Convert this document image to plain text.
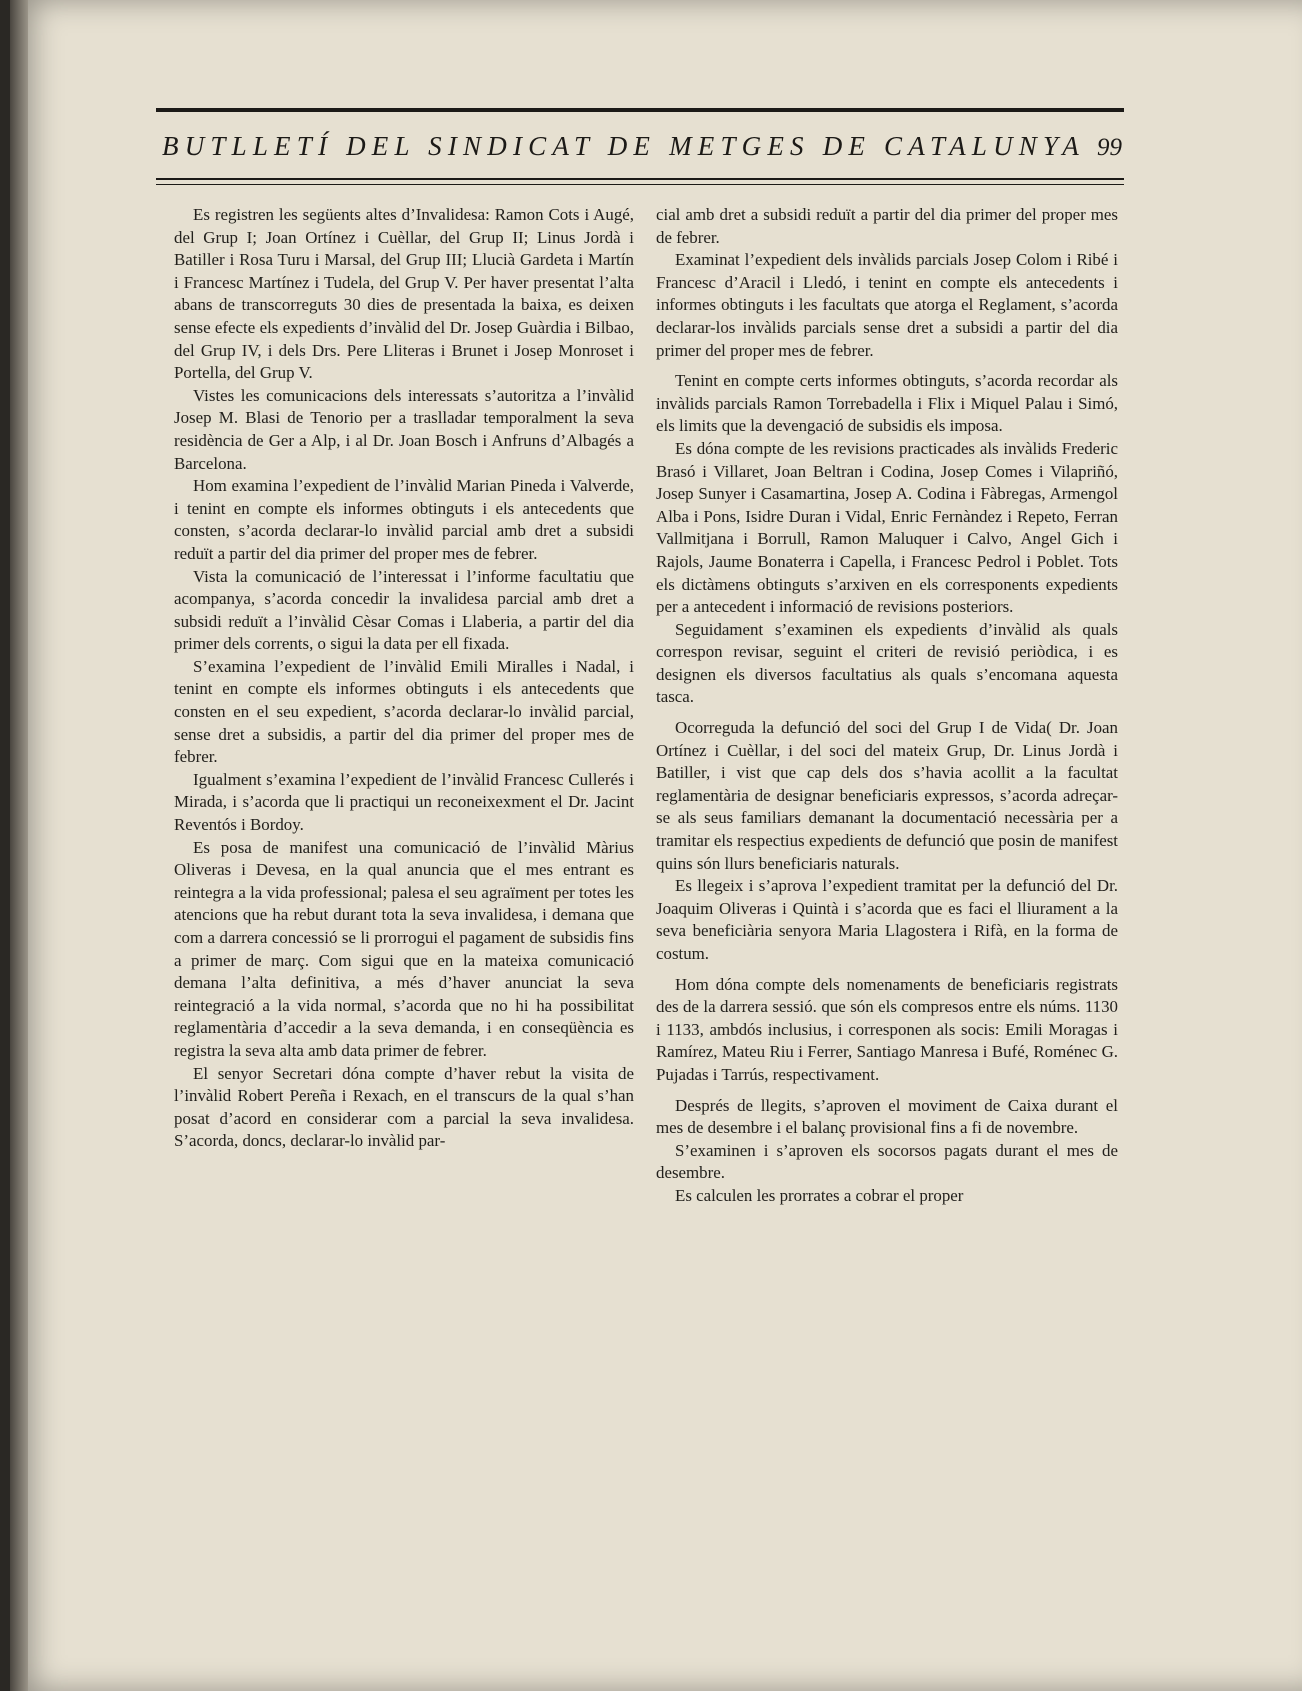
BUTLLETÍ DEL SINDICAT DE METGES DE CATALUNYA 99

Es registren les següents altes d’Invalidesa: Ramon Cots i Augé, del Grup I; Joan Ortínez i Cuèllar, del Grup II; Linus Jordà i Batiller i Rosa Turu i Marsal, del Grup III; Llucià Gardeta i Martín i Francesc Martínez i Tudela, del Grup V. Per haver presentat l’alta abans de transcorreguts 30 dies de presentada la baixa, es deixen sense efecte els expedients d’invàlid del Dr. Josep Guàrdia i Bilbao, del Grup IV, i dels Drs. Pere Lliteras i Brunet i Josep Monroset i Portella, del Grup V.

Vistes les comunicacions dels interessats s’autoritza a l’invàlid Josep M. Blasi de Tenorio per a traslladar temporalment la seva residència de Ger a Alp, i al Dr. Joan Bosch i Anfruns d’Albagés a Barcelona.

Hom examina l’expedient de l’invàlid Marian Pineda i Valverde, i tenint en compte els informes obtinguts i els antecedents que consten, s’acorda declarar-lo invàlid parcial amb dret a subsidi reduït a partir del dia primer del proper mes de febrer.

Vista la comunicació de l’interessat i l’informe facultatiu que acompanya, s’acorda concedir la invalidesa parcial amb dret a subsidi reduït a l’invàlid Cèsar Comas i Llaberia, a partir del dia primer dels corrents, o sigui la data per ell fixada.

S’examina l’expedient de l’invàlid Emili Miralles i Nadal, i tenint en compte els informes obtinguts i els antecedents que consten en el seu expedient, s’acorda declarar-lo invàlid parcial, sense dret a subsidis, a partir del dia primer del proper mes de febrer.

Igualment s’examina l’expedient de l’invàlid Francesc Cullerés i Mirada, i s’acorda que li practiqui un reconeixexment el Dr. Jacint Reventós i Bordoy.

Es posa de manifest una comunicació de l’invàlid Màrius Oliveras i Devesa, en la qual anuncia que el mes entrant es reintegra a la vida professional; palesa el seu agraïment per totes les atencions que ha rebut durant tota la seva invalidesa, i demana que com a darrera concessió se li prorrogui el pagament de subsidis fins a primer de març. Com sigui que en la mateixa comunicació demana l’alta definitiva, a més d’haver anunciat la seva reintegració a la vida normal, s’acorda que no hi ha possibilitat reglamentària d’accedir a la seva demanda, i en conseqüència es registra la seva alta amb data primer de febrer.

El senyor Secretari dóna compte d’haver rebut la visita de l’invàlid Robert Pereña i Rexach, en el transcurs de la qual s’han posat d’acord en considerar com a parcial la seva invalidesa. S’acorda, doncs, declarar-lo invàlid par-

cial amb dret a subsidi reduït a partir del dia primer del proper mes de febrer.

Examinat l’expedient dels invàlids parcials Josep Colom i Ribé i Francesc d’Aracil i Lledó, i tenint en compte els antecedents i informes obtinguts i les facultats que atorga el Reglament, s’acorda declarar-los invàlids parcials sense dret a subsidi a partir del dia primer del proper mes de febrer.

Tenint en compte certs informes obtinguts, s’acorda recordar als invàlids parcials Ramon Torrebadella i Flix i Miquel Palau i Simó, els limits que la devengació de subsidis els imposa.

Es dóna compte de les revisions practicades als invàlids Frederic Brasó i Villaret, Joan Beltran i Codina, Josep Comes i Vilapriñó, Josep Sunyer i Casamartina, Josep A. Codina i Fàbregas, Armengol Alba i Pons, Isidre Duran i Vidal, Enric Fernàndez i Repeto, Ferran Vallmitjana i Borrull, Ramon Maluquer i Calvo, Angel Gich i Rajols, Jaume Bonaterra i Capella, i Francesc Pedrol i Poblet. Tots els dictàmens obtinguts s’arxiven en els corresponents expedients per a antecedent i informació de revisions posteriors.

Seguidament s’examinen els expedients d’invàlid als quals correspon revisar, seguint el criteri de revisió periòdica, i es designen els diversos facultatius als quals s’encomana aquesta tasca.

Ocorreguda la defunció del soci del Grup I de Vida( Dr. Joan Ortínez i Cuèllar, i del soci del mateix Grup, Dr. Linus Jordà i Batiller, i vist que cap dels dos s’havia acollit a la facultat reglamentària de designar beneficiaris expressos, s’acorda adreçar-se als seus familiars demanant la documentació necessària per a tramitar els respectius expedients de defunció que posin de manifest quins són llurs beneficiaris naturals.

Es llegeix i s’aprova l’expedient tramitat per la defunció del Dr. Joaquim Oliveras i Quintà i s’acorda que es faci el lliurament a la seva beneficiària senyora Maria Llagostera i Rifà, en la forma de costum.

Hom dóna compte dels nomenaments de beneficiaris registrats des de la darrera sessió. que són els compresos entre els núms. 1130 i 1133, ambdós inclusius, i corresponen als socis: Emili Moragas i Ramírez, Mateu Riu i Ferrer, Santiago Manresa i Bufé, Roménec G. Pujadas i Tarrús, respectivament.

Després de llegits, s’aproven el moviment de Caixa durant el mes de desembre i el balanç provisional fins a fi de novembre.

S’examinen i s’aproven els socorsos pagats durant el mes de desembre.

Es calculen les prorrates a cobrar el proper
